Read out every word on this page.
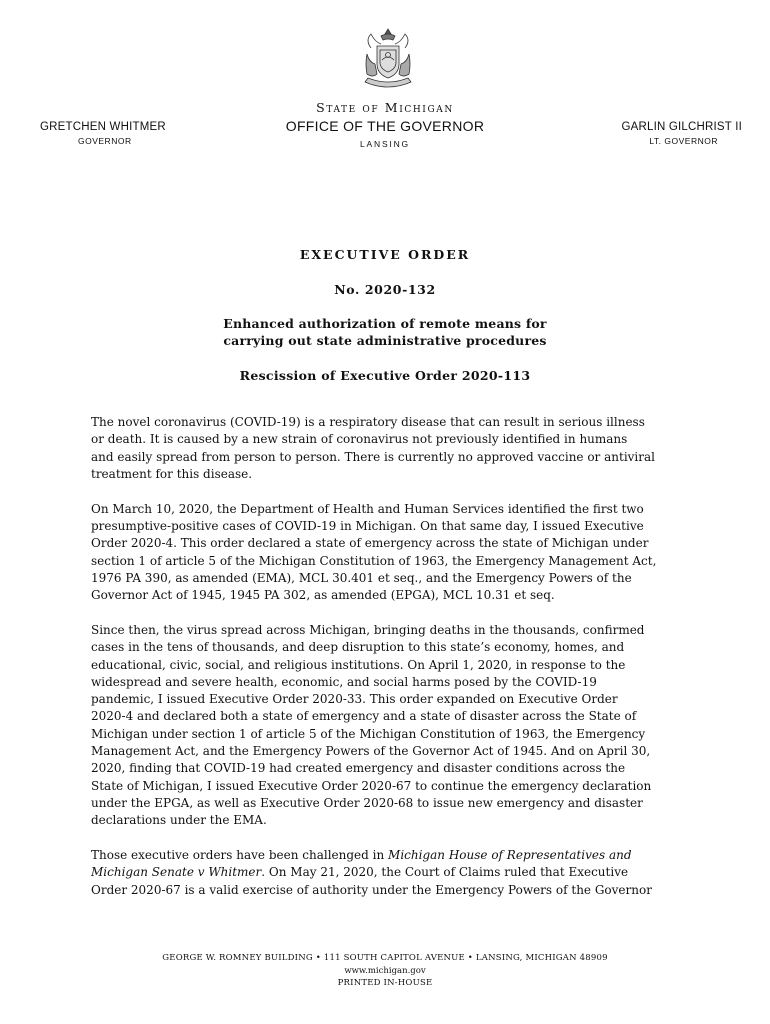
State of Michigan
OFFICE OF THE GOVERNOR
LANSING
GRETCHEN WHITMER
GOVERNOR
GARLIN GILCHRIST II
LT. GOVERNOR
EXECUTIVE ORDER
No. 2020-132
Enhanced authorization of remote means for
carrying out state administrative procedures
Rescission of Executive Order 2020-113

The novel coronavirus (COVID-19) is a respiratory disease that can result in serious illness
or death. It is caused by a new strain of coronavirus not previously identified in humans
and easily spread from person to person. There is currently no approved vaccine or antiviral
treatment for this disease.

On March 10, 2020, the Department of Health and Human Services identified the first two
presumptive-positive cases of COVID-19 in Michigan. On that same day, I issued Executive
Order 2020-4. This order declared a state of emergency across the state of Michigan under
section 1 of article 5 of the Michigan Constitution of 1963, the Emergency Management Act,
1976 PA 390, as amended (EMA), MCL 30.401 et seq., and the Emergency Powers of the
Governor Act of 1945, 1945 PA 302, as amended (EPGA), MCL 10.31 et seq.

Since then, the virus spread across Michigan, bringing deaths in the thousands, confirmed
cases in the tens of thousands, and deep disruption to this state’s economy, homes, and
educational, civic, social, and religious institutions. On April 1, 2020, in response to the
widespread and severe health, economic, and social harms posed by the COVID-19
pandemic, I issued Executive Order 2020-33. This order expanded on Executive Order
2020-4 and declared both a state of emergency and a state of disaster across the State of
Michigan under section 1 of article 5 of the Michigan Constitution of 1963, the Emergency
Management Act, and the Emergency Powers of the Governor Act of 1945. And on April 30,
2020, finding that COVID-19 had created emergency and disaster conditions across the
State of Michigan, I issued Executive Order 2020-67 to continue the emergency declaration
under the EPGA, as well as Executive Order 2020-68 to issue new emergency and disaster
declarations under the EMA.

Those executive orders have been challenged in Michigan House of Representatives and
Michigan Senate v Whitmer. On May 21, 2020, the Court of Claims ruled that Executive
Order 2020-67 is a valid exercise of authority under the Emergency Powers of the Governor

GEORGE W. ROMNEY BUILDING • 111 SOUTH CAPITOL AVENUE • LANSING, MICHIGAN 48909
www.michigan.gov
PRINTED IN-HOUSE
